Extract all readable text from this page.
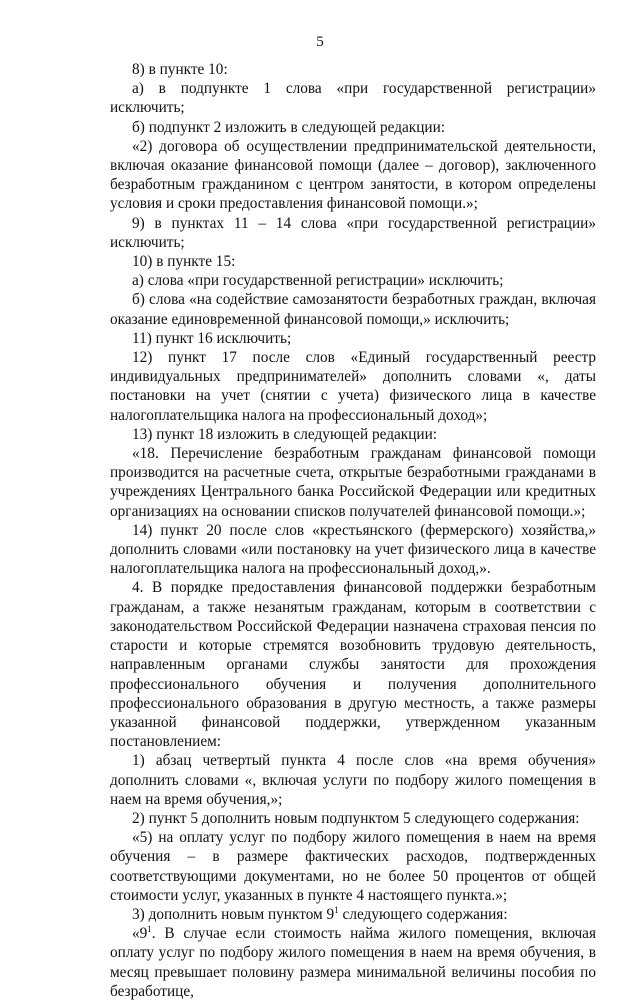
5

8) в пункте 10:

а) в подпункте 1 слова «при государственной регистрации» исключить;

б) подпункт 2 изложить в следующей редакции:

«2) договора об осуществлении предпринимательской деятельности, включая оказание финансовой помощи (далее – договор), заключенного безработным гражданином с центром занятости, в котором определены условия и сроки предоставления финансовой помощи.»;

9) в пунктах 11 – 14 слова «при государственной регистрации» исключить;

10) в пункте 15:

а) слова «при государственной регистрации» исключить;

б) слова «на содействие самозанятости безработных граждан, включая оказание единовременной финансовой помощи,» исключить;

11) пункт 16 исключить;

12) пункт 17 после слов «Единый государственный реестр индивидуальных предпринимателей» дополнить словами «, даты постановки на учет (снятии с учета) физического лица в качестве налогоплательщика налога на профессиональный доход»;

13) пункт 18 изложить в следующей редакции:

«18. Перечисление безработным гражданам финансовой помощи производится на расчетные счета, открытые безработными гражданами в учреждениях Центрального банка Российской Федерации или кредитных организациях на основании списков получателей финансовой помощи.»;

14) пункт 20 после слов «крестьянского (фермерского) хозяйства,» дополнить словами «или постановку на учет физического лица в качестве налогоплательщика налога на профессиональный доход,».

4. В порядке предоставления финансовой поддержки безработным гражданам, а также незанятым гражданам, которым в соответствии с законодательством Российской Федерации назначена страховая пенсия по старости и которые стремятся возобновить трудовую деятельность, направленным органами службы занятости для прохождения профессионального обучения и получения дополнительного профессионального образования в другую местность, а также размеры указанной финансовой поддержки, утвержденном указанным постановлением:

1) абзац четвертый пункта 4 после слов «на время обучения» дополнить словами «, включая услуги по подбору жилого помещения в наем на время обучения,»;

2) пункт 5 дополнить новым подпунктом 5 следующего содержания:

«5) на оплату услуг по подбору жилого помещения в наем на время обучения – в размере фактических расходов, подтвержденных соответствующими документами, но не более 50 процентов от общей стоимости услуг, указанных в пункте 4 настоящего пункта.»;

3) дополнить новым пунктом $9^1$ следующего содержания:

«$9^1$. В случае если стоимость найма жилого помещения, включая оплату услуг по подбору жилого помещения в наем на время обучения, в месяц превышает половину размера минимальной величины пособия по безработице,
